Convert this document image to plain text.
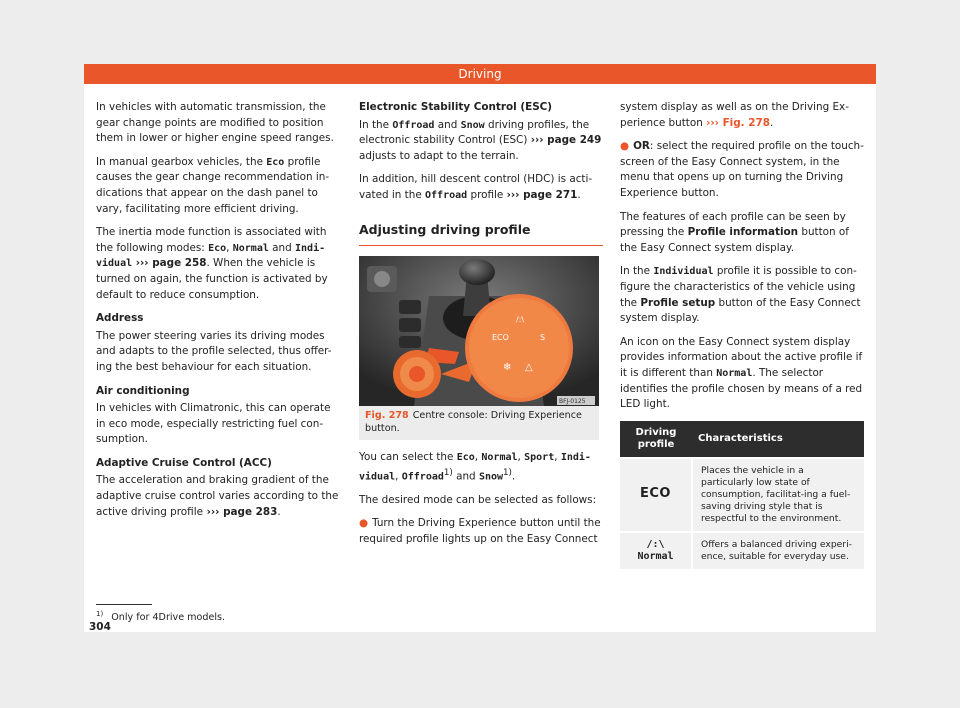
Driving

In vehicles with automatic transmission, the gear change points are modified to position them in lower or higher engine speed ranges.

In manual gearbox vehicles, the Eco profile causes the gear change recommendation in-dications that appear on the dash panel to vary, facilitating more efficient driving.

The inertia mode function is associated with the following modes: Eco, Normal and Indi-vidual ››› page 258. When the vehicle is turned on again, the function is activated by default to reduce consumption.

Address

The power steering varies its driving modes and adapts to the profile selected, thus offer-ing the best behaviour for each situation.

Air conditioning

In vehicles with Climatronic, this can operate in eco mode, especially restricting fuel con-sumption.

Adaptive Cruise Control (ACC)

The acceleration and braking gradient of the adaptive cruise control varies according to the active driving profile ››› page 283.

Electronic Stability Control (ESC)

In the Offroad and Snow driving profiles, the electronic stability Control (ESC) ››› page 249 adjusts to adapt to the terrain.

In addition, hill descent control (HDC) is acti-vated in the Offroad profile ››› page 271.

Adjusting driving profile
ECO
/:\
S
❄ △
BFJ-0125
Fig. 278 Centre console: Driving Experience button.

You can select the Eco, Normal, Sport, Indi-vidual, Offroad$^{1)}$ and Snow$^{1)}$.

The desired mode can be selected as follows:

● Turn the Driving Experience button until the required profile lights up on the Easy Connect

system display as well as on the Driving Ex-perience button ››› Fig. 278.

● OR: select the required profile on the touch-screen of the Easy Connect system, in the menu that opens up on turning the Driving Experience button.

The features of each profile can be seen by pressing the Profile information button of the Easy Connect system display.

In the Individual profile it is possible to con-figure the characteristics of the vehicle using the Profile setup button of the Easy Connect system display.

An icon on the Easy Connect system display provides information about the active profile if it is different than Normal. The selector identifies the profile chosen by means of a red LED light.

Driving profile	Characteristics
ECO	Places the vehicle in a particularly low state of consumption, facilitat-ing a fuel-saving driving style that is respectful to the environment.

/:\
Normal	Offers a balanced driving experi-ence, suitable for everyday use.
$^{1)}$ Only for 4Drive models.
304
